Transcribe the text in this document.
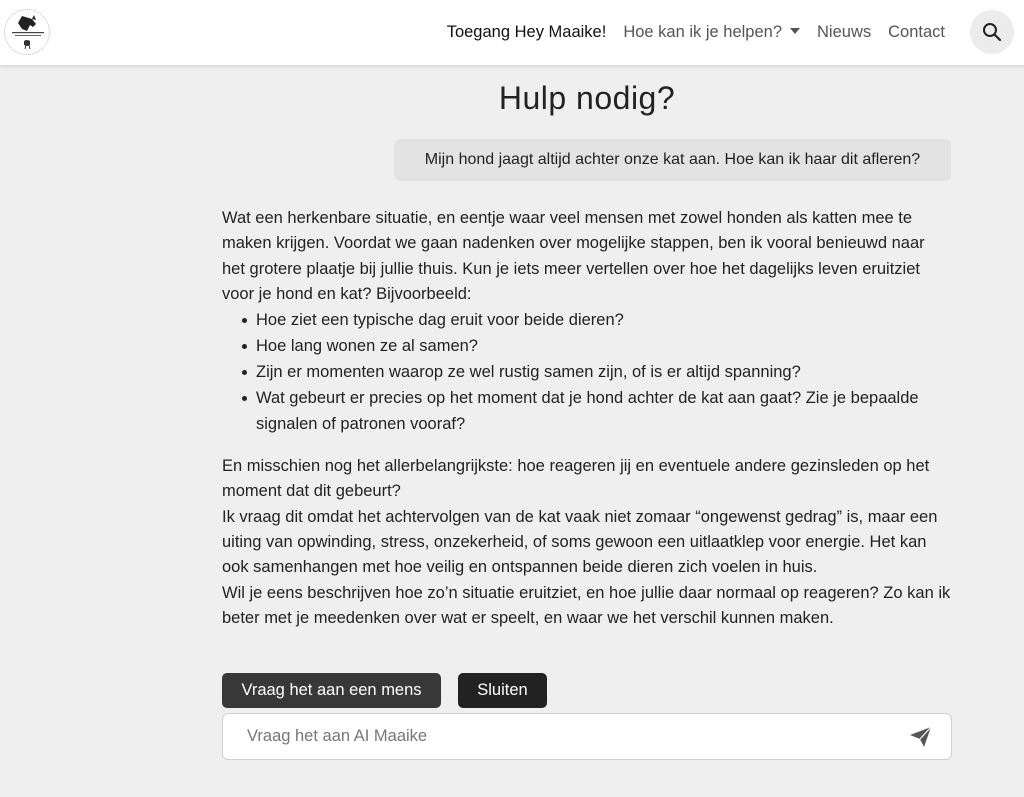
Toegang Hey Maaike! Hoe kan ik je helpen?	Nieuws Contact
Hulp nodig?
Mijn hond jaagt altijd achter onze kat aan. Hoe kan ik haar dit afleren?

Wat een herkenbare situatie, en eentje waar veel mensen met zowel honden als katten mee te maken krijgen. Voordat we gaan nadenken over mogelijke stappen, ben ik vooral benieuwd naar het grotere plaatje bij jullie thuis. Kun je iets meer vertellen over hoe het dagelijks leven eruitziet voor je hond en kat? Bijvoorbeeld:

Hoe ziet een typische dag eruit voor beide dieren?
Hoe lang wonen ze al samen?
Zijn er momenten waarop ze wel rustig samen zijn, of is er altijd spanning?
Wat gebeurt er precies op het moment dat je hond achter de kat aan gaat? Zie je bepaalde signalen of patronen vooraf?

En misschien nog het allerbelangrijkste: hoe reageren jij en eventuele andere gezinsleden op het moment dat dit gebeurt?

Ik vraag dit omdat het achtervolgen van de kat vaak niet zomaar “ongewenst gedrag” is, maar een uiting van opwinding, stress, onzekerheid, of soms gewoon een uitlaatklep voor energie. Het kan ook samenhangen met hoe veilig en ontspannen beide dieren zich voelen in huis.

Wil je eens beschrijven hoe zo’n situatie eruitziet, en hoe jullie daar normaal op reageren? Zo kan ik beter met je meedenken over wat er speelt, en waar we het verschil kunnen maken.

Vraag het aan een mens	Sluiten
Vraag het aan AI Maaike
